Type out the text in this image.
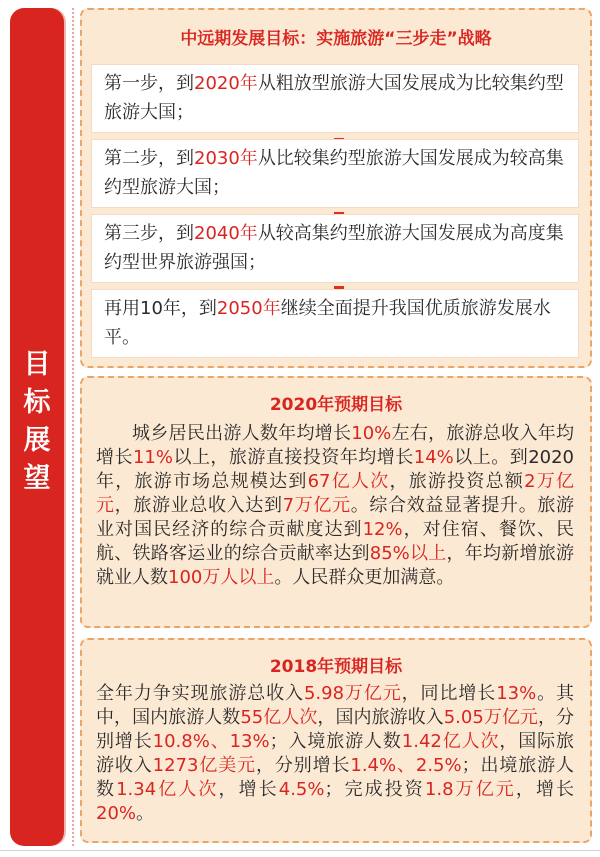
目
标
展
望
中远期发展目标：实施旅游“三步走”战略
第一步，到2020年从粗放型旅游大国发展成为比较集约型旅游大国；
第二步，到2030年从比较集约型旅游大国发展成为较高集约型旅游大国；
第三步，到2040年从较高集约型旅游大国发展成为高度集约型世界旅游强国；
再用10年，到2050年继续全面提升我国优质旅游发展水平。
2020年预期目标
城乡居民出游人数年均增长10%左右，旅游总收入年均增长11%以上，旅游直接投资年均增长14%以上。到2020年，旅游市场总规模达到67亿人次，旅游投资总额2万亿元，旅游业总收入达到7万亿元。综合效益显著提升。旅游业对国民经济的综合贡献度达到12%，对住宿、餐饮、民航、铁路客运业的综合贡献率达到85%以上，年均新增旅游就业人数100万人以上。人民群众更加满意。
2018年预期目标
全年力争实现旅游总收入5.98万亿元，同比增长13%。其中，国内旅游人数55亿人次，国内旅游收入5.05万亿元，分别增长10.8%、13%；入境旅游人数1.42亿人次，国际旅游收入1273亿美元，分别增长1.4%、2.5%；出境旅游人数1.34亿人次，增长4.5%；完成投资1.8万亿元，增长20%。
